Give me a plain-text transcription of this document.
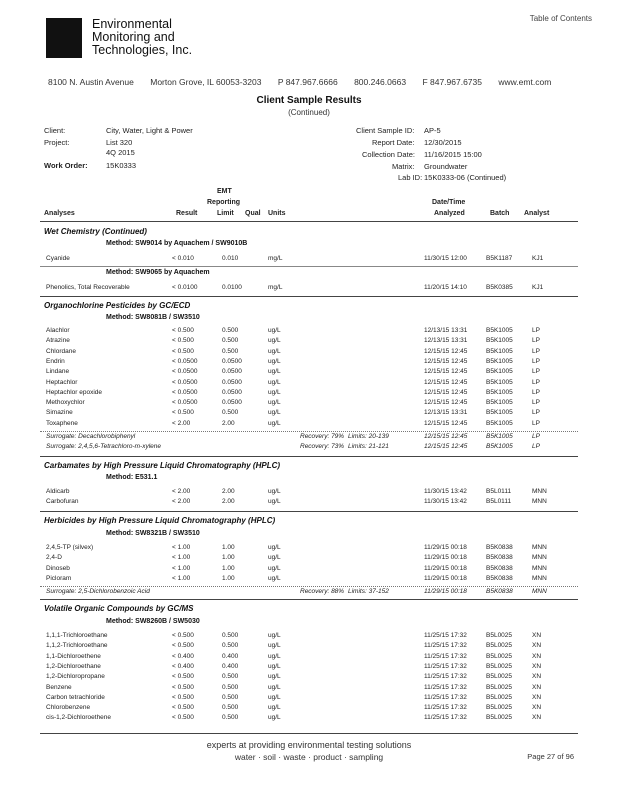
Environmental
Monitoring and
Technologies, Inc.
Table of Contents
8100 N. Austin Avenue Morton Grove, IL 60053-3203 P 847.967.6666 800.246.0663 F 847.967.6735 www.emt.com
Client Sample Results
(Continued)
Client:	City, Water, Light & Power
Project:	List 320
4Q 2015
Work Order: 15K0333
Client Sample ID: AP-5
Report Date: 12/30/2015
Collection Date: 11/16/2015 15:00
Matrix: Groundwater
Lab ID: 15K0333-06 (Continued)
EMT
Reporting
Analyses	Result	Limit Qual Units
Date/Time
Analyzed	Batch Analyst
Wet Chemistry (Continued)
Method: SW9014 by Aquachem / SW9010B
Cyanide	< 0.010	0.010	mg/L	11/30/15 12:00	B5K1187	KJ1
Method: SW9065 by Aquachem
Phenolics, Total Recoverable	< 0.0100	0.0100	mg/L	11/20/15 14:10	B5K0385	KJ1
Organochlorine Pesticides by GC/ECD
Method: SW8081B / SW3510
Alachlor	< 0.500	0.500	ug/L	12/13/15 13:31	B5K1005	LP
Atrazine	< 0.500	0.500	ug/L	12/13/15 13:31	B5K1005	LP
Chlordane	< 0.500	0.500	ug/L	12/15/15 12:45	B5K1005	LP
Endrin	< 0.0500	0.0500	ug/L	12/15/15 12:45	B5K1005	LP
Lindane	< 0.0500	0.0500	ug/L	12/15/15 12:45	B5K1005	LP
Heptachlor	< 0.0500	0.0500	ug/L	12/15/15 12:45	B5K1005	LP
Heptachlor epoxide	< 0.0500	0.0500	ug/L	12/15/15 12:45	B5K1005	LP
Methoxychlor	< 0.0500	0.0500	ug/L	12/15/15 12:45	B5K1005	LP
Simazine	< 0.500	0.500	ug/L	12/13/15 13:31	B5K1005	LP
Toxaphene	< 2.00	2.00	ug/L	12/15/15 12:45	B5K1005	LP
Surrogate: Decachlorobiphenyl	Recovery: 79% Limits: 20-139	12/15/15 12:45	B5K1005	LP
Surrogate: 2,4,5,6-Tetrachloro-m-xylene	Recovery: 73% Limits: 21-121	12/15/15 12:45	B5K1005	LP
Carbamates by High Pressure Liquid Chromatography (HPLC)
Method: E531.1
Aldicarb	< 2.00	2.00	ug/L	11/30/15 13:42	B5L0111	MNN
Carbofuran	< 2.00	2.00	ug/L	11/30/15 13:42	B5L0111	MNN
Herbicides by High Pressure Liquid Chromatography (HPLC)
Method: SW8321B / SW3510
2,4,5-TP (silvex)	< 1.00	1.00	ug/L	11/29/15 00:18	B5K0838	MNN
2,4-D	< 1.00	1.00	ug/L	11/29/15 00:18	B5K0838	MNN
Dinoseb	< 1.00	1.00	ug/L	11/29/15 00:18	B5K0838	MNN
Picloram	< 1.00	1.00	ug/L	11/29/15 00:18	B5K0838	MNN
Surrogate: 2,5-Dichlorobenzoic Acid	Recovery: 88% Limits: 37-152	11/29/15 00:18	B5K0838	MNN
Volatile Organic Compounds by GC/MS
Method: SW8260B / SW5030
1,1,1-Trichloroethane	< 0.500	0.500	ug/L	11/25/15 17:32	B5L0025	XN
1,1,2-Trichloroethane	< 0.500	0.500	ug/L	11/25/15 17:32	B5L0025	XN
1,1-Dichloroethene	< 0.400	0.400	ug/L	11/25/15 17:32	B5L0025	XN
1,2-Dichloroethane	< 0.400	0.400	ug/L	11/25/15 17:32	B5L0025	XN
1,2-Dichloropropane	< 0.500	0.500	ug/L	11/25/15 17:32	B5L0025	XN
Benzene	< 0.500	0.500	ug/L	11/25/15 17:32	B5L0025	XN
Carbon tetrachloride	< 0.500	0.500	ug/L	11/25/15 17:32	B5L0025	XN
Chlorobenzene	< 0.500	0.500	ug/L	11/25/15 17:32	B5L0025	XN
cis-1,2-Dichloroethene	< 0.500	0.500	ug/L	11/25/15 17:32	B5L0025	XN
experts at providing environmental testing solutions
water · soil · waste · product · sampling	Page 27 of 96
